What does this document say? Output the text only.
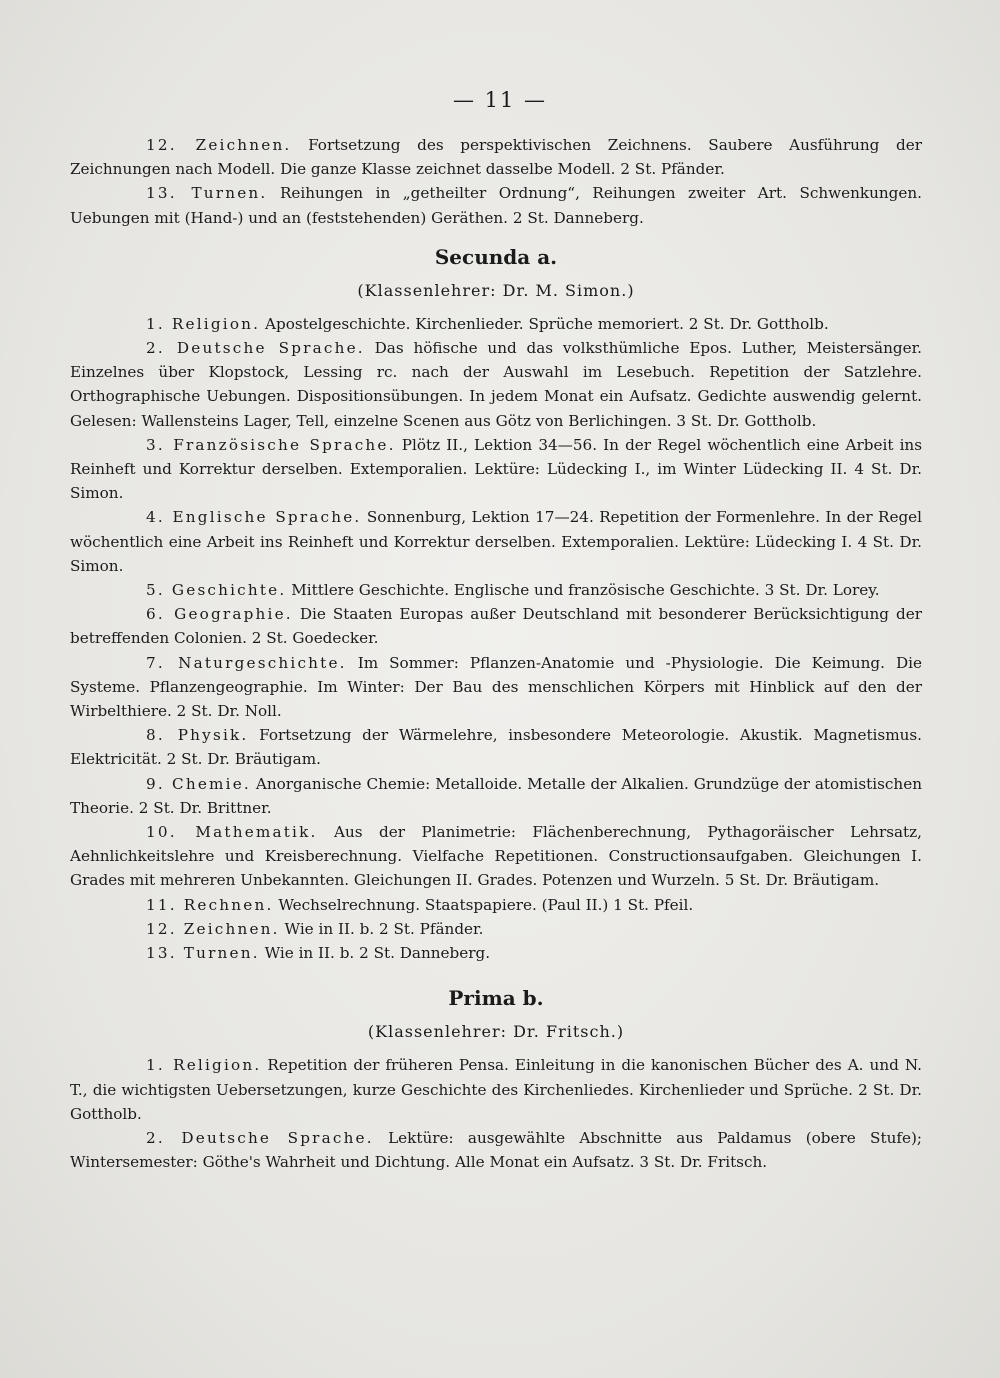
— 11 —

12. Zeichnen. Fortsetzung des perspektivischen Zeichnens. Saubere Ausführung der Zeichnungen nach Modell. Die ganze Klasse zeichnet dasselbe Modell. 2 St. Pfänder.

13. Turnen. Reihungen in „getheilter Ordnung“, Reihungen zweiter Art. Schwenkungen. Uebungen mit (Hand-) und an (feststehenden) Geräthen. 2 St. Danneberg.

Secunda a.

(Klassenlehrer: Dr. M. Simon.)

1. Religion. Apostelgeschichte. Kirchenlieder. Sprüche memoriert. 2 St. Dr. Gottholb.

2. Deutsche Sprache. Das höfische und das volksthümliche Epos. Luther, Meistersänger. Einzelnes über Klopstock, Lessing rc. nach der Auswahl im Lesebuch. Repetition der Satzlehre. Orthographische Uebungen. Dispositionsübungen. In jedem Monat ein Aufsatz. Gedichte auswendig gelernt. Gelesen: Wallensteins Lager, Tell, einzelne Scenen aus Götz von Berlichingen. 3 St. Dr. Gottholb.

3. Französische Sprache. Plötz II., Lektion 34—56. In der Regel wöchentlich eine Arbeit ins Reinheft und Korrektur derselben. Extemporalien. Lektüre: Lüdecking I., im Winter Lüdecking II. 4 St. Dr. Simon.

4. Englische Sprache. Sonnenburg, Lektion 17—24. Repetition der Formenlehre. In der Regel wöchentlich eine Arbeit ins Reinheft und Korrektur derselben. Extemporalien. Lektüre: Lüdecking I. 4 St. Dr. Simon.

5. Geschichte. Mittlere Geschichte. Englische und französische Geschichte. 3 St. Dr. Lorey.

6. Geographie. Die Staaten Europas außer Deutschland mit besonderer Berücksichtigung der betreffenden Colonien. 2 St. Goedecker.

7. Naturgeschichte. Im Sommer: Pflanzen-Anatomie und -Physiologie. Die Keimung. Die Systeme. Pflanzengeographie. Im Winter: Der Bau des menschlichen Körpers mit Hinblick auf den der Wirbelthiere. 2 St. Dr. Noll.

8. Physik. Fortsetzung der Wärmelehre, insbesondere Meteorologie. Akustik. Magnetismus. Elektricität. 2 St. Dr. Bräutigam.

9. Chemie. Anorganische Chemie: Metalloide. Metalle der Alkalien. Grundzüge der atomistischen Theorie. 2 St. Dr. Brittner.

10. Mathematik. Aus der Planimetrie: Flächenberechnung, Pythagoräischer Lehrsatz, Aehnlichkeitslehre und Kreisberechnung. Vielfache Repetitionen. Constructionsaufgaben. Gleichungen I. Grades mit mehreren Unbekannten. Gleichungen II. Grades. Potenzen und Wurzeln. 5 St. Dr. Bräutigam.

11. Rechnen. Wechselrechnung. Staatspapiere. (Paul II.) 1 St. Pfeil.

12. Zeichnen. Wie in II. b. 2 St. Pfänder.

13. Turnen. Wie in II. b. 2 St. Danneberg.

Prima b.

(Klassenlehrer: Dr. Fritsch.)

1. Religion. Repetition der früheren Pensa. Einleitung in die kanonischen Bücher des A. und N. T., die wichtigsten Uebersetzungen, kurze Geschichte des Kirchenliedes. Kirchenlieder und Sprüche. 2 St. Dr. Gottholb.

2. Deutsche Sprache. Lektüre: ausgewählte Abschnitte aus Paldamus (obere Stufe); Wintersemester: Göthe's Wahrheit und Dichtung. Alle Monat ein Aufsatz. 3 St. Dr. Fritsch.
